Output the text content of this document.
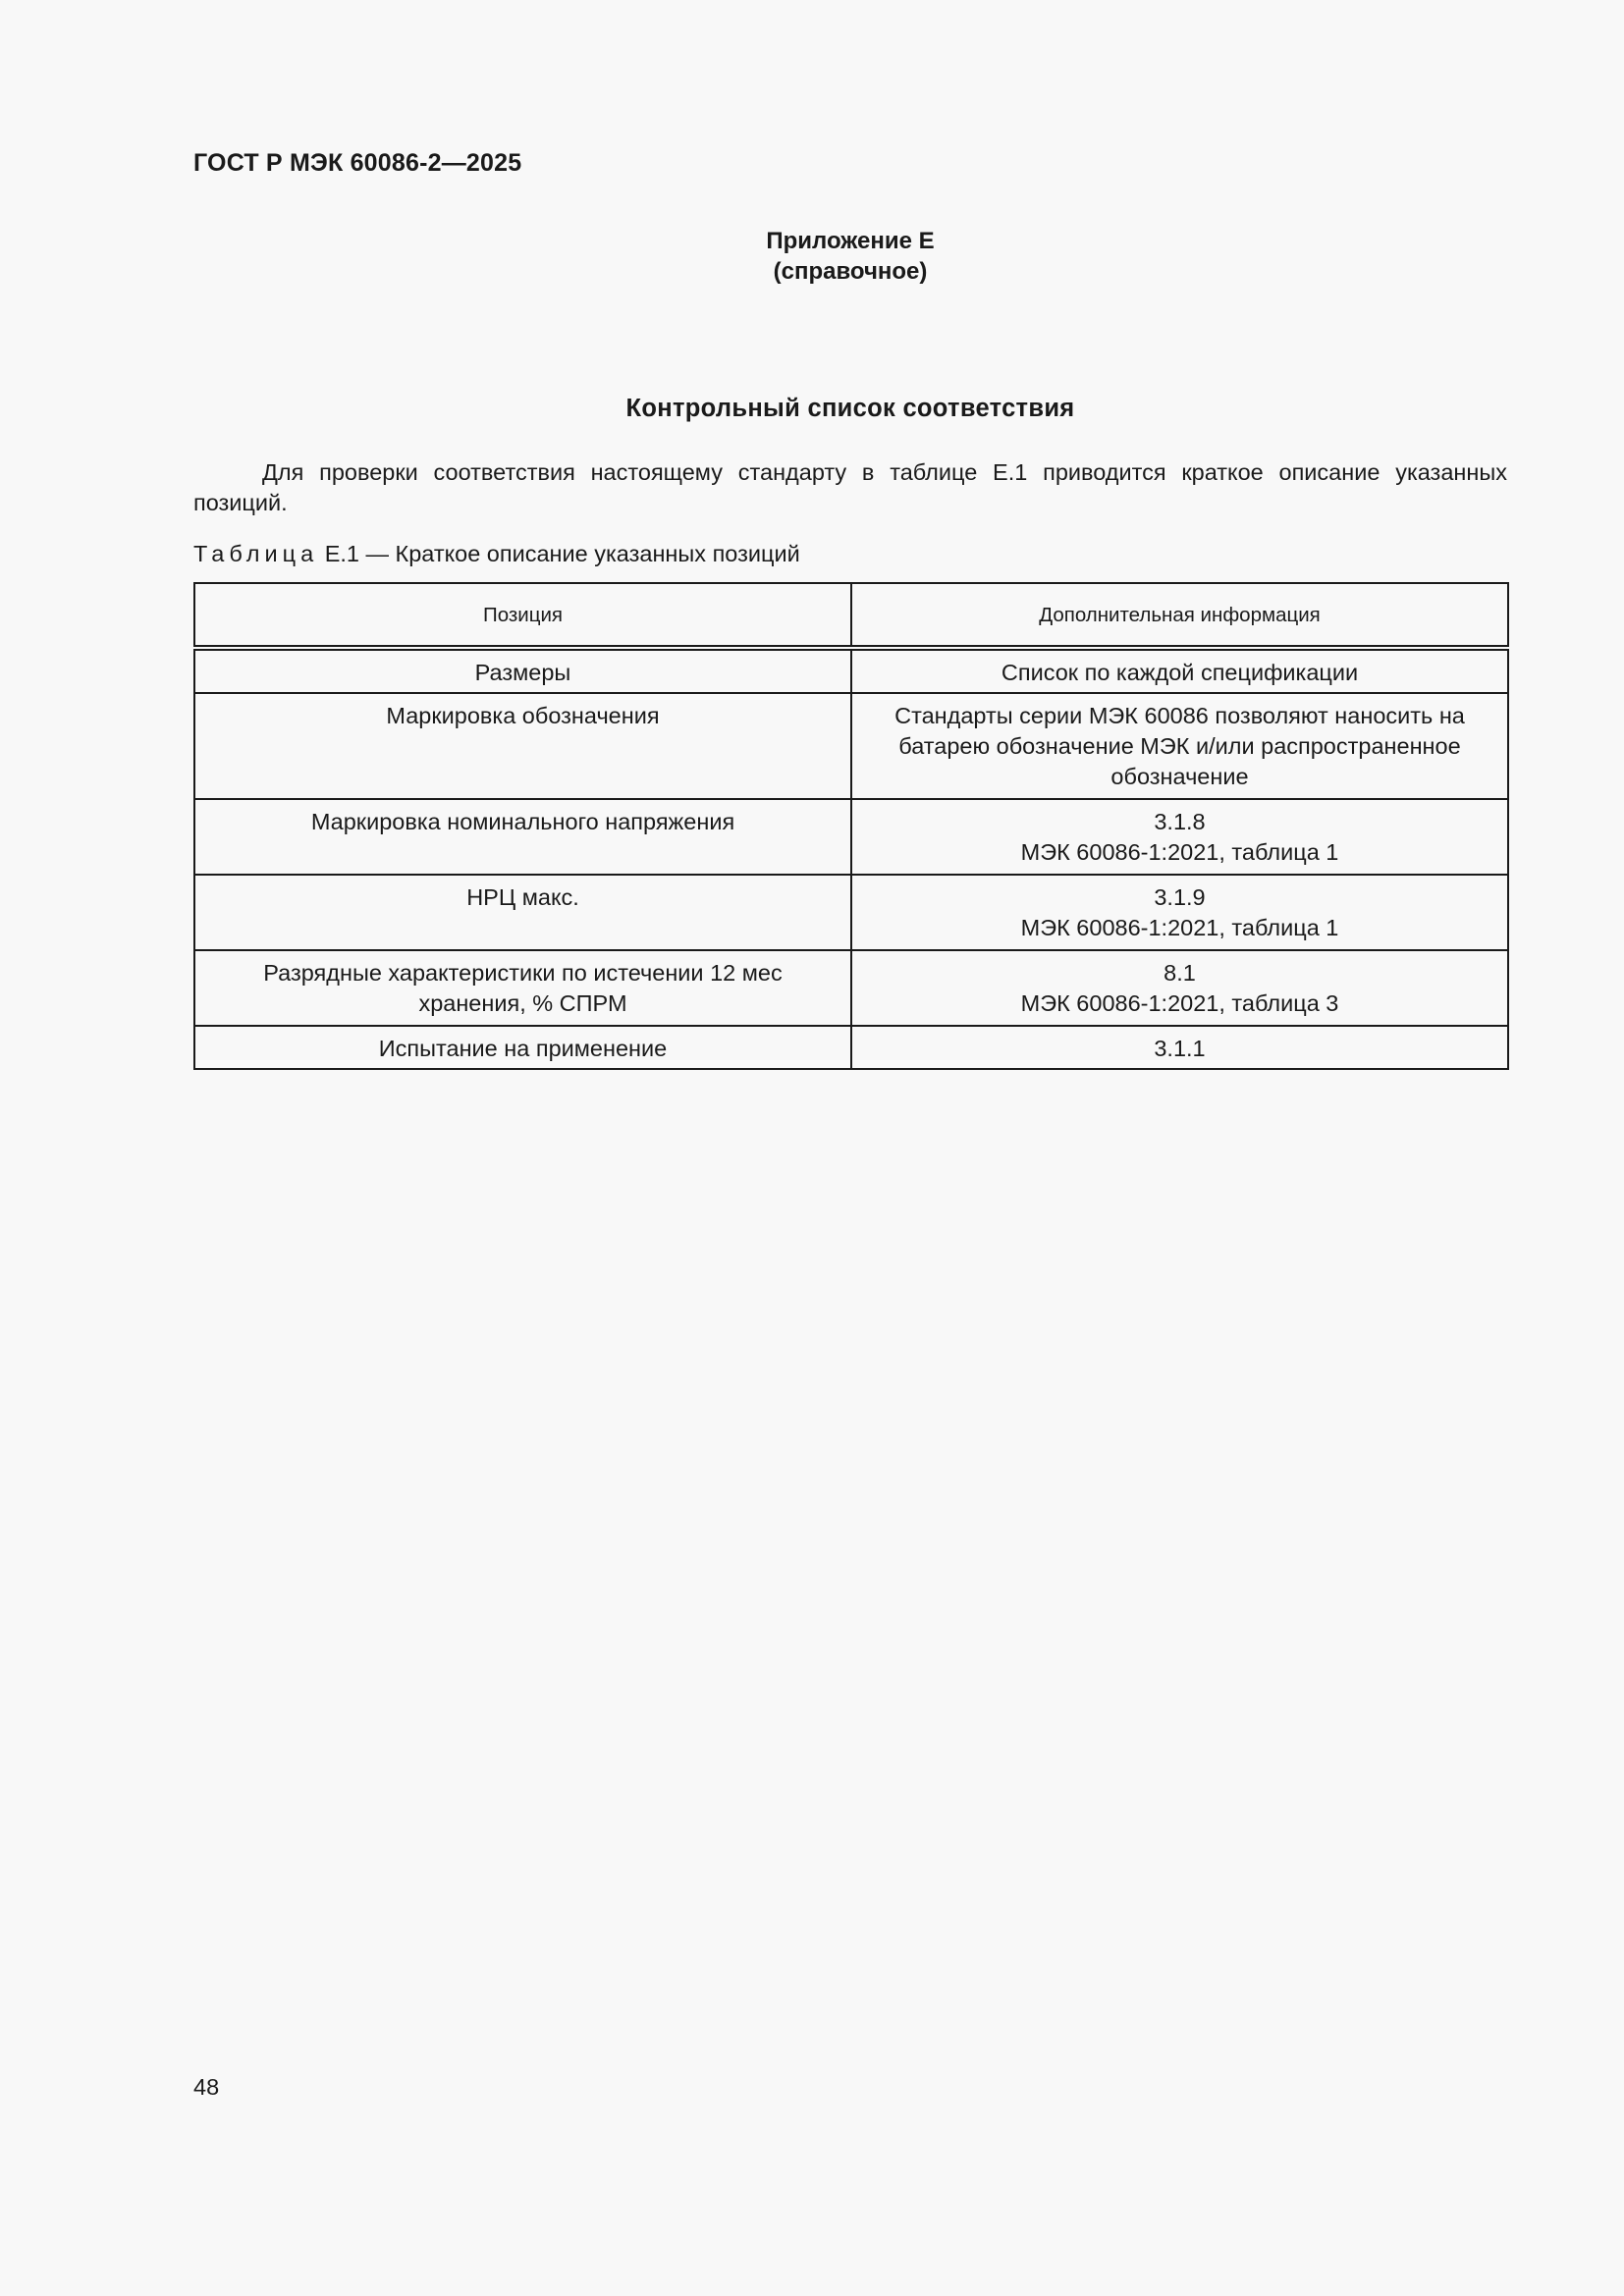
ГОСТ Р МЭК 60086-2—2025
Приложение Е
(справочное)
Контрольный список соответствия

Для проверки соответствия настоящему стандарту в таблице Е.1 приводится краткое описание указанных позиций.

Таблица Е.1 — Краткое описание указанных позиций
Позиция	Дополнительная информация

Размеры	Список по каждой спецификации

Маркировка обозначения	Стандарты серии МЭК 60086 позволяют наносить на
батарею обозначение МЭК и/или распространенное
обозначение

Маркировка номинального напряжения	3.1.8
МЭК 60086-1:2021, таблица 1

НРЦ макс.	3.1.9
МЭК 60086-1:2021, таблица 1

Разрядные характеристики по истечении 12 мес
хранения, % СПРМ	8.1
МЭК 60086-1:2021, таблица 3

Испытание на применение	3.1.1
48
